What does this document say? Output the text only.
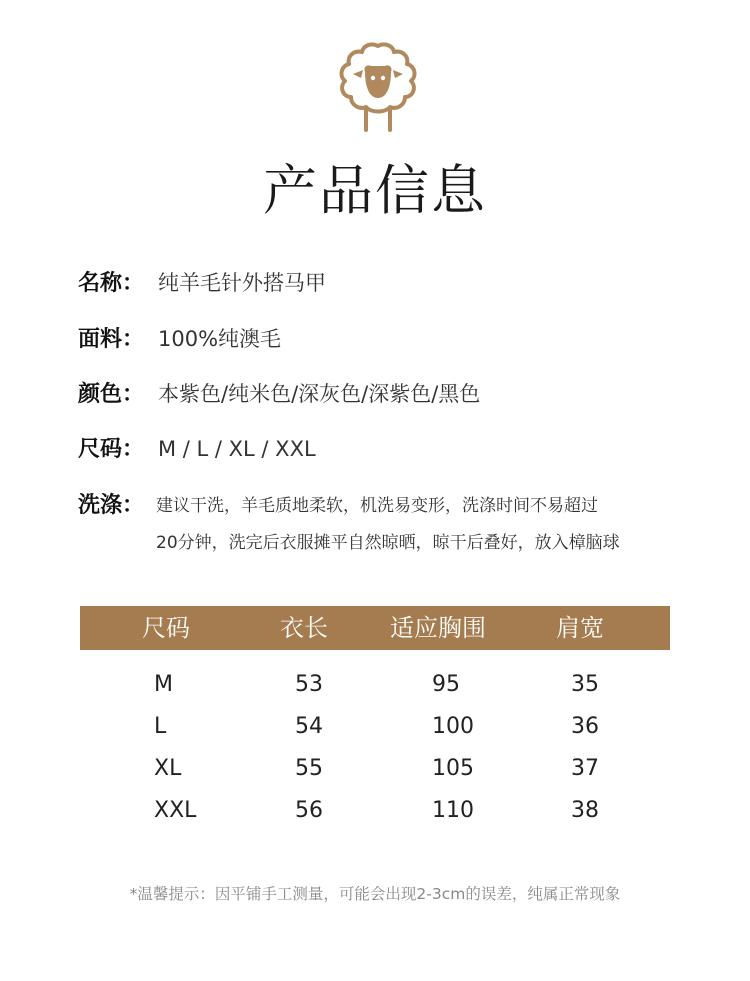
产品信息
名称： 纯羊毛针外搭马甲
面料： 100%纯澳毛
颜色： 本紫色/纯米色/深灰色/深紫色/黑色
尺码： M / L / XL / XXL
洗涤： 建议干洗，羊毛质地柔软，机洗易变形，洗涤时间不易超过
20分钟，洗完后衣服摊平自然晾晒，晾干后叠好，放入樟脑球
尺码	衣长	适应胸围	肩宽
M	53	95	35
L	54	100	36
XL	55	105	37
XXL	56	110	38
*温馨提示：因平铺手工测量，可能会出现2-3cm的误差，纯属正常现象
